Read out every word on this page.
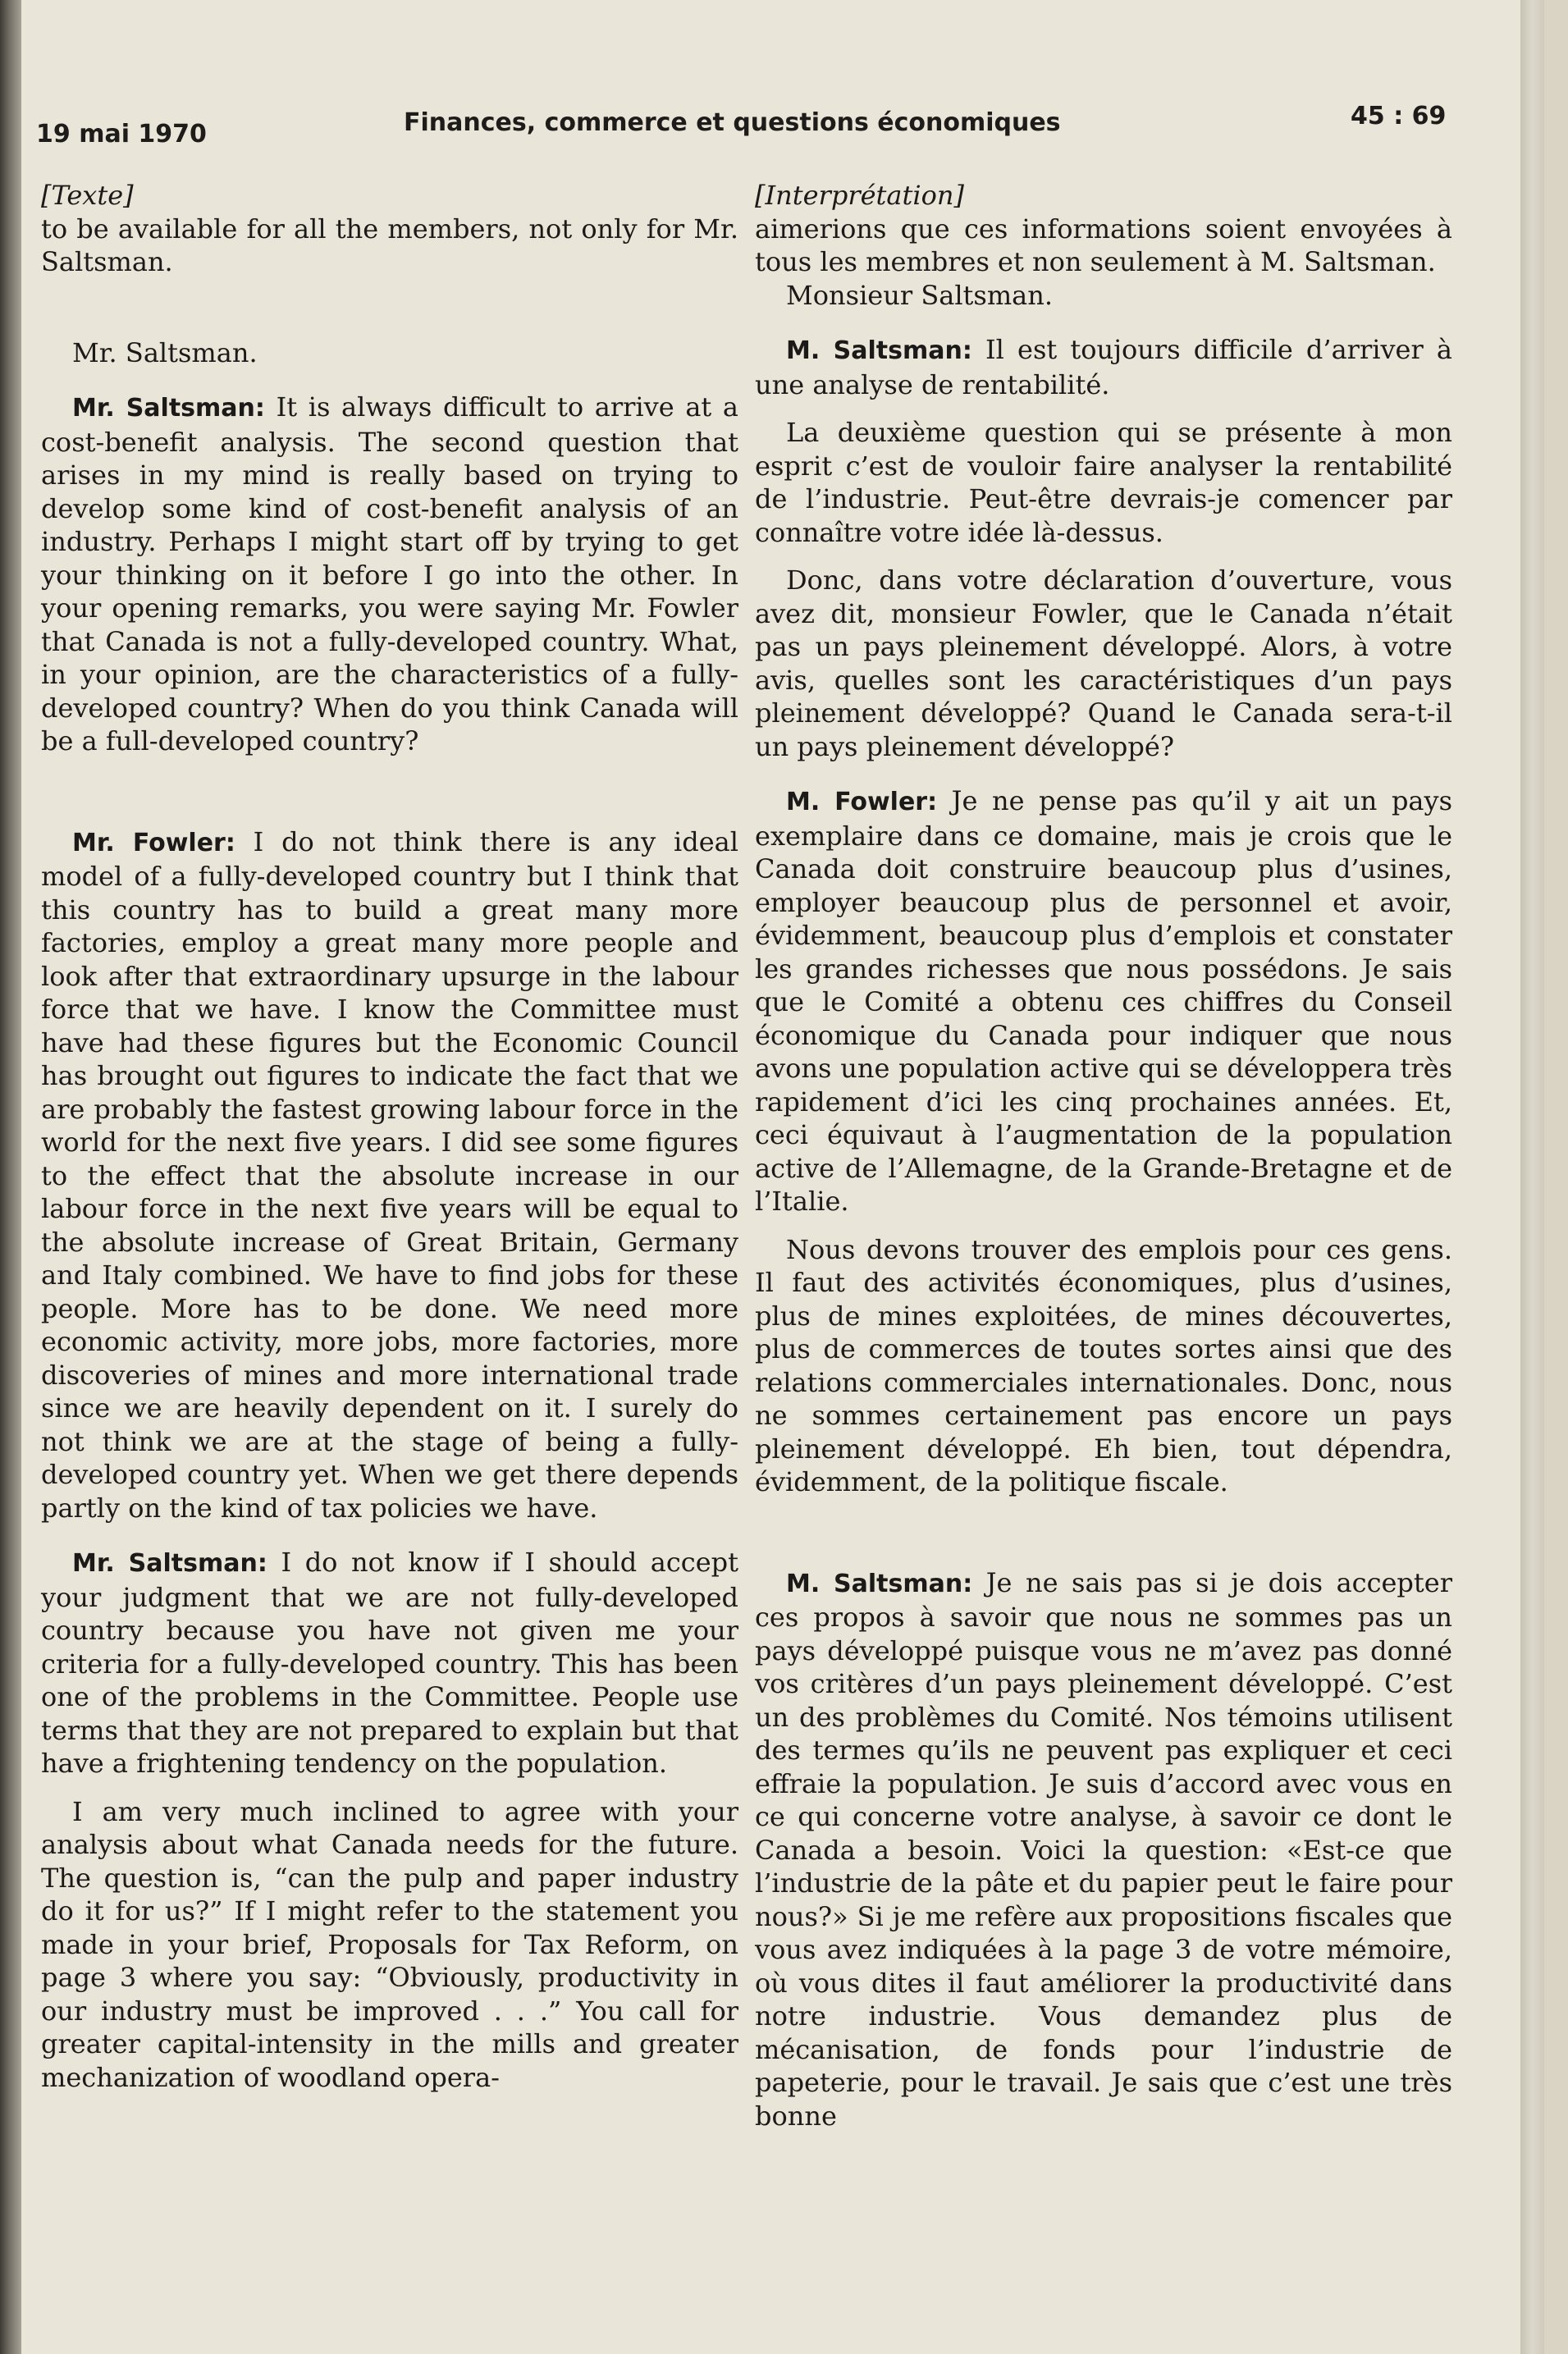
19 mai 1970	Finances, commerce et questions économiques	45 : 69

[Texte]

to be available for all the members, not only for Mr. Saltsman.

Mr. Saltsman.

Mr. Saltsman: It is always difficult to arrive at a cost-benefit analysis. The second question that arises in my mind is really based on trying to develop some kind of cost-benefit analysis of an industry. Perhaps I might start off by trying to get your thinking on it before I go into the other. In your opening remarks, you were saying Mr. Fowler that Canada is not a fully-developed country. What, in your opinion, are the characteristics of a fully-developed country? When do you think Canada will be a full-developed country?

Mr. Fowler: I do not think there is any ideal model of a fully-developed country but I think that this country has to build a great many more factories, employ a great many more people and look after that extraordinary upsurge in the labour force that we have. I know the Committee must have had these figures but the Economic Council has brought out figures to indicate the fact that we are probably the fastest growing labour force in the world for the next five years. I did see some figures to the effect that the absolute increase in our labour force in the next five years will be equal to the absolute increase of Great Britain, Germany and Italy combined. We have to find jobs for these people. More has to be done. We need more economic activity, more jobs, more factories, more discoveries of mines and more international trade since we are heavily dependent on it. I surely do not think we are at the stage of being a fully-developed country yet. When we get there depends partly on the kind of tax policies we have.

Mr. Saltsman: I do not know if I should accept your judgment that we are not fully-developed country because you have not given me your criteria for a fully-developed country. This has been one of the problems in the Committee. People use terms that they are not prepared to explain but that have a frightening tendency on the population.

I am very much inclined to agree with your analysis about what Canada needs for the future. The question is, “can the pulp and paper industry do it for us?” If I might refer to the statement you made in your brief, Proposals for Tax Reform, on page 3 where you say: “Obviously, productivity in our industry must be improved . . .” You call for greater capital-intensity in the mills and greater mechanization of woodland opera-

[Interprétation]

aimerions que ces informations soient envoyées à tous les membres et non seulement à M. Saltsman.

Monsieur Saltsman.

M. Saltsman: Il est toujours difficile d’arriver à une analyse de rentabilité.

La deuxième question qui se présente à mon esprit c’est de vouloir faire analyser la rentabilité de l’industrie. Peut-être devrais-je comencer par connaître votre idée là-dessus.

Donc, dans votre déclaration d’ouverture, vous avez dit, monsieur Fowler, que le Canada n’était pas un pays pleinement développé. Alors, à votre avis, quelles sont les caractéristiques d’un pays pleinement développé? Quand le Canada sera-t-il un pays pleinement développé?

M. Fowler: Je ne pense pas qu’il y ait un pays exemplaire dans ce domaine, mais je crois que le Canada doit construire beaucoup plus d’usines, employer beaucoup plus de personnel et avoir, évidemment, beaucoup plus d’emplois et constater les grandes richesses que nous possédons. Je sais que le Comité a obtenu ces chiffres du Conseil économique du Canada pour indiquer que nous avons une population active qui se développera très rapidement d’ici les cinq prochaines années. Et, ceci équivaut à l’augmentation de la population active de l’Allemagne, de la Grande-Bretagne et de l’Italie.

Nous devons trouver des emplois pour ces gens. Il faut des activités économiques, plus d’usines, plus de mines exploitées, de mines découvertes, plus de commerces de toutes sortes ainsi que des relations commerciales internationales. Donc, nous ne sommes certainement pas encore un pays pleinement développé. Eh bien, tout dépendra, évidemment, de la politique fiscale.

M. Saltsman: Je ne sais pas si je dois accepter ces propos à savoir que nous ne sommes pas un pays développé puisque vous ne m’avez pas donné vos critères d’un pays pleinement développé. C’est un des problèmes du Comité. Nos témoins utilisent des termes qu’ils ne peuvent pas expliquer et ceci effraie la population. Je suis d’accord avec vous en ce qui concerne votre analyse, à savoir ce dont le Canada a besoin. Voici la question: «Est-ce que l’industrie de la pâte et du papier peut le faire pour nous?» Si je me refère aux propositions fiscales que vous avez indiquées à la page 3 de votre mémoire, où vous dites il faut améliorer la productivité dans notre industrie. Vous demandez plus de mécanisation, de fonds pour l’industrie de papeterie, pour le travail. Je sais que c’est une très bonne
